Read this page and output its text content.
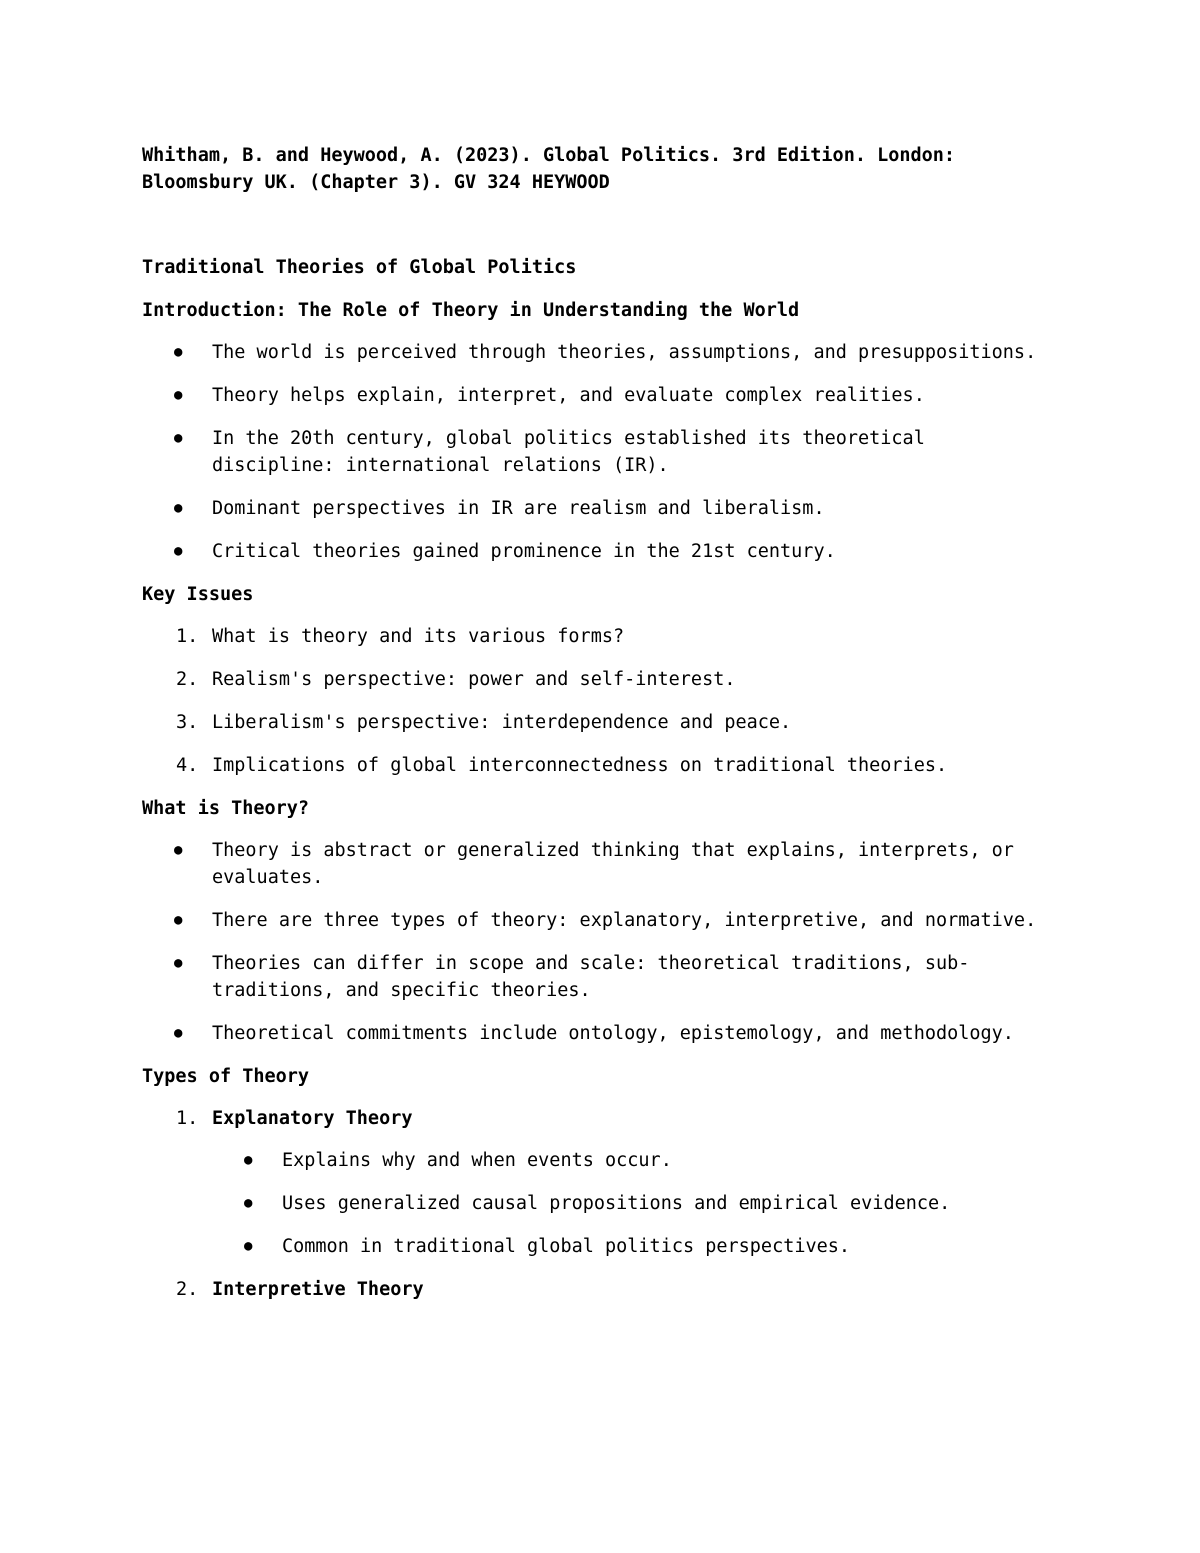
Whitham, B. and Heywood, A. (2023). Global Politics. 3rd Edition. London:
Bloomsbury UK. (Chapter 3). GV 324 HEYWOOD

Traditional Theories of Global Politics

Introduction: The Role of Theory in Understanding the World

● The world is perceived through theories, assumptions, and presuppositions.
● Theory helps explain, interpret, and evaluate complex realities.
● In the 20th century, global politics established its theoretical discipline: international relations (IR).
● Dominant perspectives in IR are realism and liberalism.
● Critical theories gained prominence in the 21st century.

Key Issues

1. What is theory and its various forms?
2. Realism's perspective: power and self-interest.
3. Liberalism's perspective: interdependence and peace.
4. Implications of global interconnectedness on traditional theories.

What is Theory?

● Theory is abstract or generalized thinking that explains, interprets, or evaluates.
● There are three types of theory: explanatory, interpretive, and normative.
● Theories can differ in scope and scale: theoretical traditions, sub-traditions, and specific theories.
● Theoretical commitments include ontology, epistemology, and methodology.

Types of Theory

1. Explanatory Theory
● Explains why and when events occur.
● Uses generalized causal propositions and empirical evidence.
● Common in traditional global politics perspectives.
2. Interpretive Theory
